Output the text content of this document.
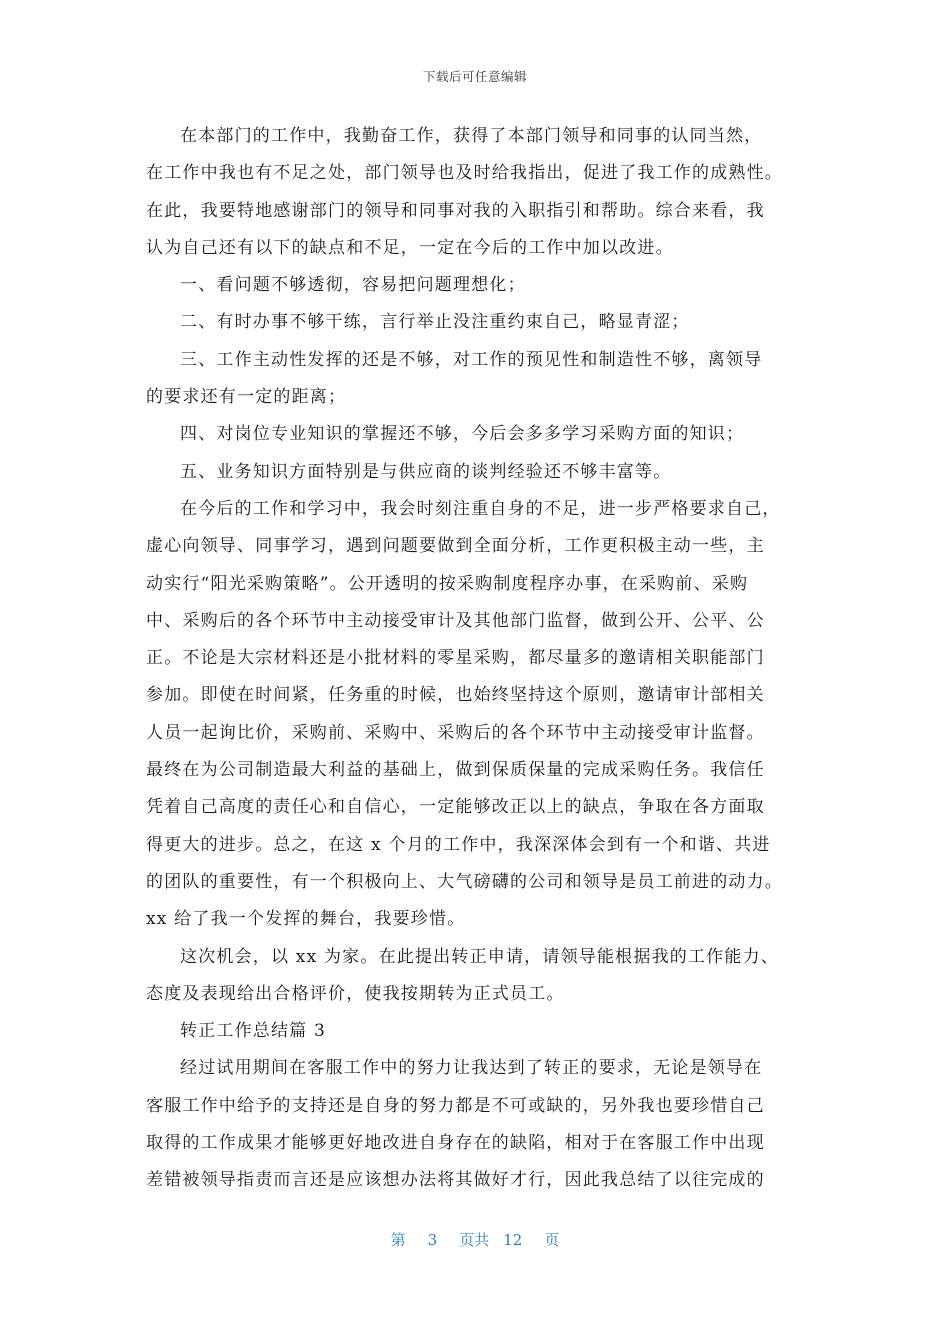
下载后可任意编辑
在本部门的工作中，我勤奋工作，获得了本部门领导和同事的认同当然，
在工作中我也有不足之处，部门领导也及时给我指出，促进了我工作的成熟性。
在此，我要特地感谢部门的领导和同事对我的入职指引和帮助。综合来看，我
认为自己还有以下的缺点和不足，一定在今后的工作中加以改进。
一、看问题不够透彻，容易把问题理想化；
二、有时办事不够干练，言行举止没注重约束自己，略显青涩；
三、工作主动性发挥的还是不够，对工作的预见性和制造性不够，离领导
的要求还有一定的距离；
四、对岗位专业知识的掌握还不够，今后会多多学习采购方面的知识；
五、业务知识方面特别是与供应商的谈判经验还不够丰富等。
在今后的工作和学习中，我会时刻注重自身的不足，进一步严格要求自己，
虚心向领导、同事学习，遇到问题要做到全面分析，工作更积极主动一些，主
动实行“阳光采购策略”。公开透明的按采购制度程序办事，在采购前、采购
中、采购后的各个环节中主动接受审计及其他部门监督，做到公开、公平、公
正。不论是大宗材料还是小批材料的零星采购，都尽量多的邀请相关职能部门
参加。即使在时间紧，任务重的时候，也始终坚持这个原则，邀请审计部相关
人员一起询比价，采购前、采购中、采购后的各个环节中主动接受审计监督。
最终在为公司制造最大利益的基础上，做到保质保量的完成采购任务。我信任
凭着自己高度的责任心和自信心，一定能够改正以上的缺点，争取在各方面取
得更大的进步。总之，在这 x 个月的工作中，我深深体会到有一个和谐、共进
的团队的重要性，有一个积极向上、大气磅礴的公司和领导是员工前进的动力。
xx 给了我一个发挥的舞台，我要珍惜。
这次机会，以 xx 为家。在此提出转正申请，请领导能根据我的工作能力、
态度及表现给出合格评价，使我按期转为正式员工。
转正工作总结篇 3
经过试用期间在客服工作中的努力让我达到了转正的要求，无论是领导在
客服工作中给予的支持还是自身的努力都是不可或缺的，另外我也要珍惜自己
取得的工作成果才能够更好地改进自身存在的缺陷，相对于在客服工作中出现
差错被领导指责而言还是应该想办法将其做好才行，因此我总结了以往完成的
第 3 页共 12 页
